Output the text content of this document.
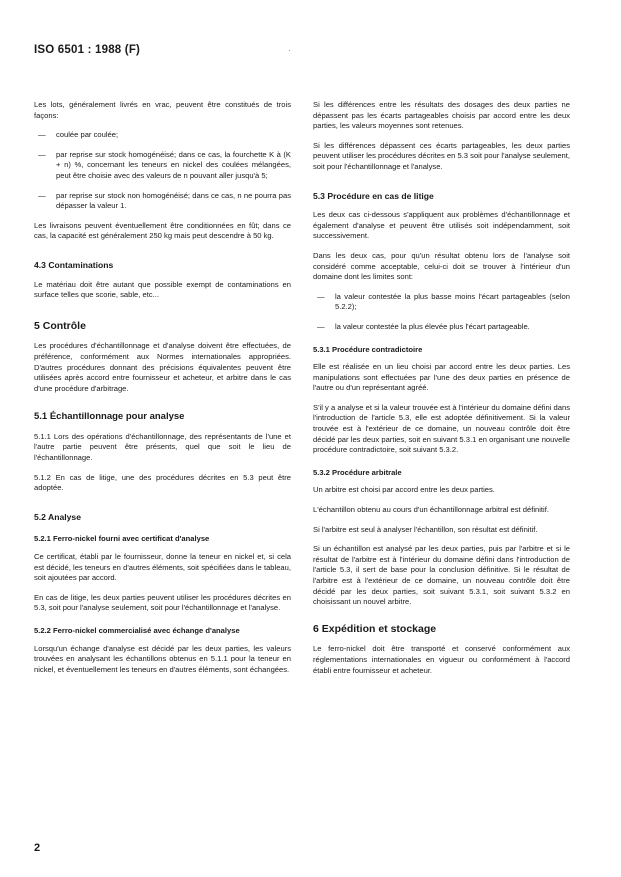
ISO 6501 : 1988 (F)

Les lots, généralement livrés en vrac, peuvent être constitués de trois façons:

—	coulée par coulée;
—	par reprise sur stock homogénéisé; dans ce cas, la fourchette K à (K + n) %, concernant les teneurs en nickel des coulées mélangées, peut être choisie avec des valeurs de n pouvant aller jusqu'à 5;
—	par reprise sur stock non homogénéisé; dans ce cas, n ne pourra pas dépasser la valeur 1.

Les livraisons peuvent éventuellement être conditionnées en fût; dans ce cas, la capacité est généralement 250 kg mais peut descendre à 50 kg.

4.3 Contaminations

Le matériau doit être autant que possible exempt de contaminations en surface telles que scorie, sable, etc...

5 Contrôle

Les procédures d'échantillonnage et d'analyse doivent être effectuées, de préférence, conformément aux Normes internationales appropriées. D'autres procédures donnant des précisions équivalentes peuvent être utilisées après accord entre fournisseur et acheteur, et arbitre dans le cas d'une procédure d'arbitrage.

5.1 Échantillonnage pour analyse

5.1.1 Lors des opérations d'échantillonnage, des représentants de l'une et l'autre partie peuvent être présents, quel que soit le lieu de l'échantillonnage.

5.1.2 En cas de litige, une des procédures décrites en 5.3 peut être adoptée.

5.2 Analyse
5.2.1 Ferro-nickel fourni avec certificat d'analyse

Ce certificat, établi par le fournisseur, donne la teneur en nickel et, si cela est décidé, les teneurs en d'autres éléments, soit spécifiées dans le tableau, soit ajoutées par accord.

En cas de litige, les deux parties peuvent utiliser les procédures décrites en 5.3, soit pour l'analyse seulement, soit pour l'échantillonnage et l'analyse.

5.2.2 Ferro-nickel commercialisé avec échange d'analyse

Lorsqu'un échange d'analyse est décidé par les deux parties, les valeurs trouvées en analysant les échantillons obtenus en 5.1.1 pour la teneur en nickel, et éventuellement les teneurs en d'autres éléments, sont échangées.

Si les différences entre les résultats des dosages des deux parties ne dépassent pas les écarts partageables choisis par accord entre les deux parties, les valeurs moyennes sont retenues.

Si les différences dépassent ces écarts partageables, les deux parties peuvent utiliser les procédures décrites en 5.3 soit pour l'analyse seulement, soit pour l'échantillonnage et l'analyse.

5.3 Procédure en cas de litige

Les deux cas ci-dessous s'appliquent aux problèmes d'échantillonnage et également d'analyse et peuvent être utilisés soit indépendamment, soit successivement.

Dans les deux cas, pour qu'un résultat obtenu lors de l'analyse soit considéré comme acceptable, celui-ci doit se trouver à l'intérieur d'un domaine dont les limites sont:

—	la valeur contestée la plus basse moins l'écart partageables (selon 5.2.2);
—	la valeur contestée la plus élevée plus l'écart partageable.
5.3.1 Procédure contradictoire

Elle est réalisée en un lieu choisi par accord entre les deux parties. Les manipulations sont effectuées par l'une des deux parties en présence de l'autre ou d'un représentant agréé.

S'il y a analyse et si la valeur trouvée est à l'intérieur du domaine défini dans l'introduction de l'article 5.3, elle est adoptée définitivement. Si la valeur trouvée est à l'extérieur de ce domaine, un nouveau contrôle doit être décidé par les deux parties, soit en suivant 5.3.1 en organisant une nouvelle procédure contradictoire, soit suivant 5.3.2.

5.3.2 Procédure arbitrale

Un arbitre est choisi par accord entre les deux parties.

L'échantillon obtenu au cours d'un échantillonnage arbitral est définitif.

Si l'arbitre est seul à analyser l'échantillon, son résultat est définitif.

Si un échantillon est analysé par les deux parties, puis par l'arbitre et si le résultat de l'arbitre est à l'intérieur du domaine défini dans l'introduction de l'article 5.3, il sert de base pour la conclusion définitive. Si le résultat de l'arbitre est à l'extérieur de ce domaine, un nouveau contrôle doit être décidé par les deux parties, soit suivant 5.3.1, soit suivant 5.3.2 en choisissant un nouvel arbitre.

6 Expédition et stockage

Le ferro-nickel doit être transporté et conservé conformément aux réglementations internationales en vigueur ou conformément à l'accord établi entre fournisseur et acheteur.

2
